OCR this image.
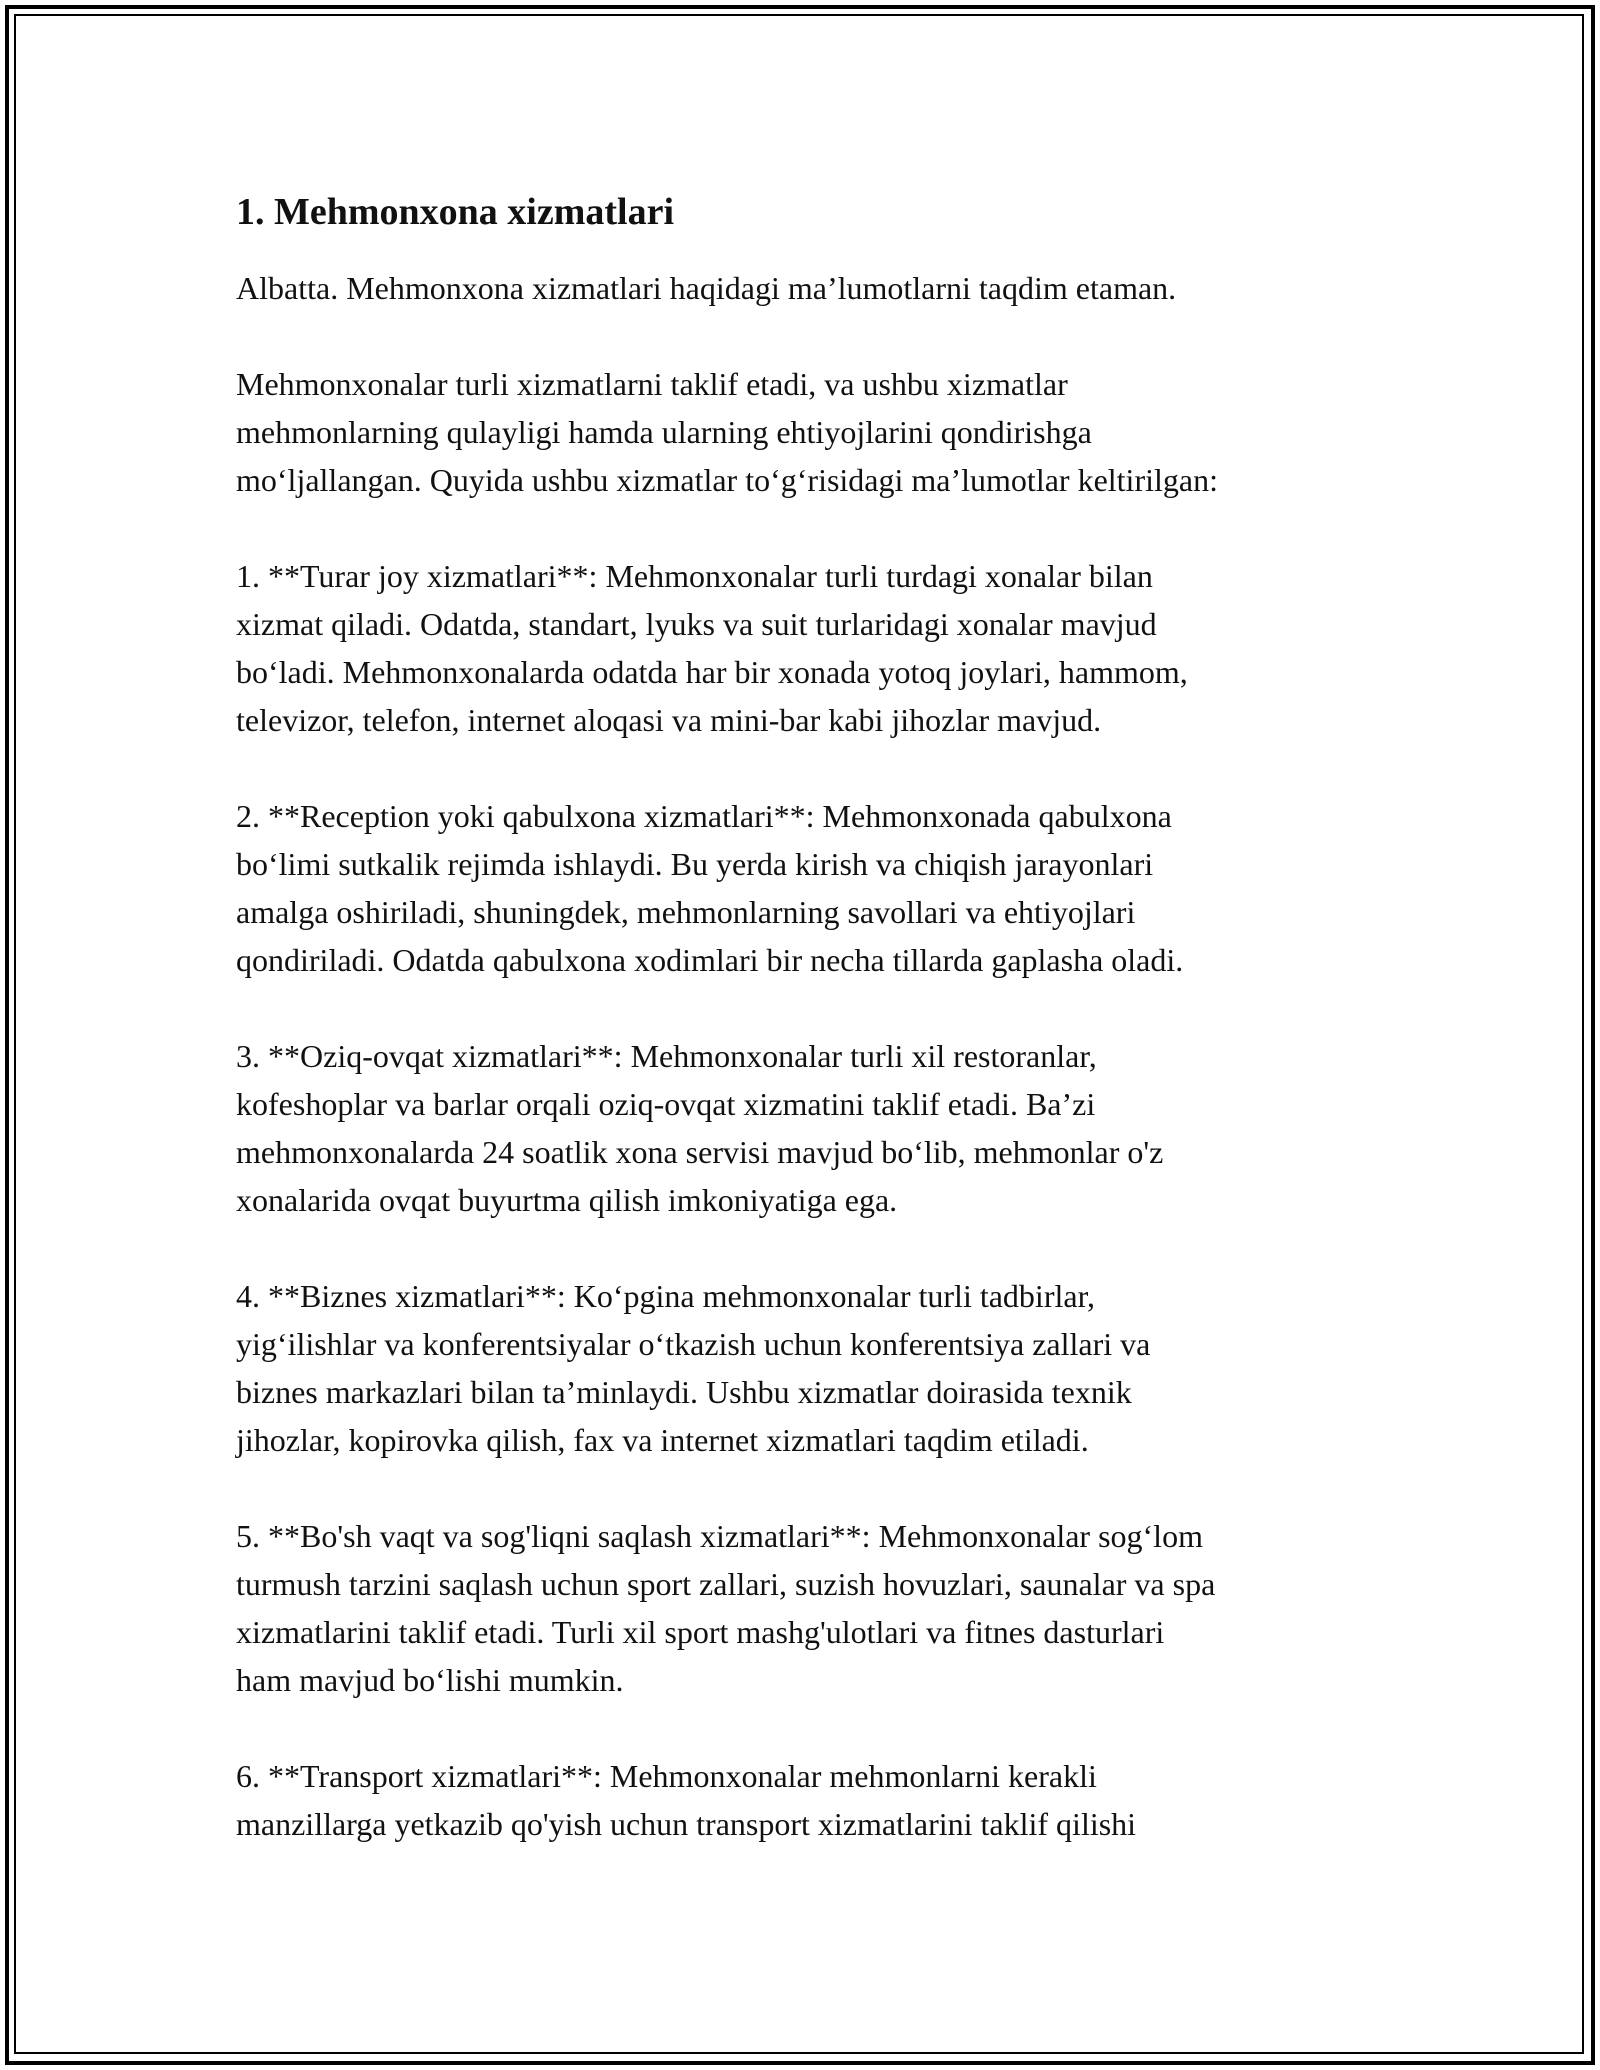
1. Mehmonxona xizmatlari

Albatta. Mehmonxona xizmatlari haqidagi ma’lumotlarni taqdim etaman.

Mehmonxonalar turli xizmatlarni taklif etadi, va ushbu xizmatlar
mehmonlarning qulayligi hamda ularning ehtiyojlarini qondirishga
mo‘ljallangan. Quyida ushbu xizmatlar to‘g‘risidagi ma’lumotlar keltirilgan:

1. **Turar joy xizmatlari**: Mehmonxonalar turli turdagi xonalar bilan
xizmat qiladi. Odatda, standart, lyuks va suit turlaridagi xonalar mavjud
bo‘ladi. Mehmonxonalarda odatda har bir xonada yotoq joylari, hammom,
televizor, telefon, internet aloqasi va mini-bar kabi jihozlar mavjud.

2. **Reception yoki qabulxona xizmatlari**: Mehmonxonada qabulxona
bo‘limi sutkalik rejimda ishlaydi. Bu yerda kirish va chiqish jarayonlari
amalga oshiriladi, shuningdek, mehmonlarning savollari va ehtiyojlari
qondiriladi. Odatda qabulxona xodimlari bir necha tillarda gaplasha oladi.

3. **Oziq-ovqat xizmatlari**: Mehmonxonalar turli xil restoranlar,
kofeshoplar va barlar orqali oziq-ovqat xizmatini taklif etadi. Ba’zi
mehmonxonalarda 24 soatlik xona servisi mavjud bo‘lib, mehmonlar o'z
xonalarida ovqat buyurtma qilish imkoniyatiga ega.

4. **Biznes xizmatlari**: Ko‘pgina mehmonxonalar turli tadbirlar,
yig‘ilishlar va konferentsiyalar o‘tkazish uchun konferentsiya zallari va
biznes markazlari bilan ta’minlaydi. Ushbu xizmatlar doirasida texnik
jihozlar, kopirovka qilish, fax va internet xizmatlari taqdim etiladi.

5. **Bo'sh vaqt va sog'liqni saqlash xizmatlari**: Mehmonxonalar sog‘lom
turmush tarzini saqlash uchun sport zallari, suzish hovuzlari, saunalar va spa
xizmatlarini taklif etadi. Turli xil sport mashg'ulotlari va fitnes dasturlari
ham mavjud bo‘lishi mumkin.

6. **Transport xizmatlari**: Mehmonxonalar mehmonlarni kerakli
manzillarga yetkazib qo'yish uchun transport xizmatlarini taklif qilishi
